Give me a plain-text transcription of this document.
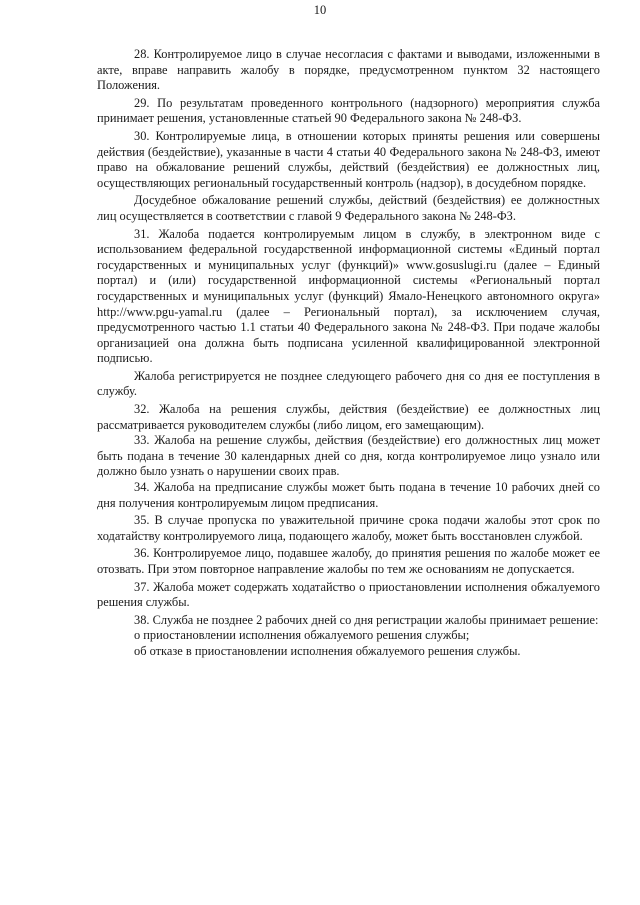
10

28. Контролируемое лицо в случае несогласия с фактами и выводами, изложенными в акте, вправе направить жалобу в порядке, предусмотренном пунктом 32 настоящего Положения.

29. По результатам проведенного контрольного (надзорного) мероприятия служба принимает решения, установленные статьей 90 Федерального закона № 248-ФЗ.

30. Контролируемые лица, в отношении которых приняты решения или совершены действия (бездействие), указанные в части 4 статьи 40 Федерального закона № 248-ФЗ, имеют право на обжалование решений службы, действий (бездействия) ее должностных лиц, осуществляющих региональный государственный контроль (надзор), в досудебном порядке.

Досудебное обжалование решений службы, действий (бездействия) ее должностных лиц осуществляется в соответствии с главой 9 Федерального закона № 248-ФЗ.

31. Жалоба подается контролируемым лицом в службу, в электронном виде с использованием федеральной государственной информационной системы «Единый портал государственных и муниципальных услуг (функций)» www.gosuslugi.ru (далее – Единый портал) и (или) государственной информационной системы «Региональный портал государственных и муниципальных услуг (функций) Ямало-Ненецкого автономного округа» http://www.pgu-yamal.ru (далее – Региональный портал), за исключением случая, предусмотренного частью 1.1 статьи 40 Федерального закона № 248-ФЗ. При подаче жалобы организацией она должна быть подписана усиленной квалифицированной электронной подписью.

Жалоба регистрируется не позднее следующего рабочего дня со дня ее поступления в службу.

32. Жалоба на решения службы, действия (бездействие) ее должностных лиц рассматривается руководителем службы (либо лицом, его замещающим).

33. Жалоба на решение службы, действия (бездействие) его должностных лиц может быть подана в течение 30 календарных дней со дня, когда контролируемое лицо узнало или должно было узнать о нарушении своих прав.

34. Жалоба на предписание службы может быть подана в течение 10 рабочих дней со дня получения контролируемым лицом предписания.

35. В случае пропуска по уважительной причине срока подачи жалобы этот срок по ходатайству контролируемого лица, подающего жалобу, может быть восстановлен службой.

36. Контролируемое лицо, подавшее жалобу, до принятия решения по жалобе может ее отозвать. При этом повторное направление жалобы по тем же основаниям не допускается.

37. Жалоба может содержать ходатайство о приостановлении исполнения обжалуемого решения службы.

38. Служба не позднее 2 рабочих дней со дня регистрации жалобы принимает решение:

о приостановлении исполнения обжалуемого решения службы;

об отказе в приостановлении исполнения обжалуемого решения службы.
